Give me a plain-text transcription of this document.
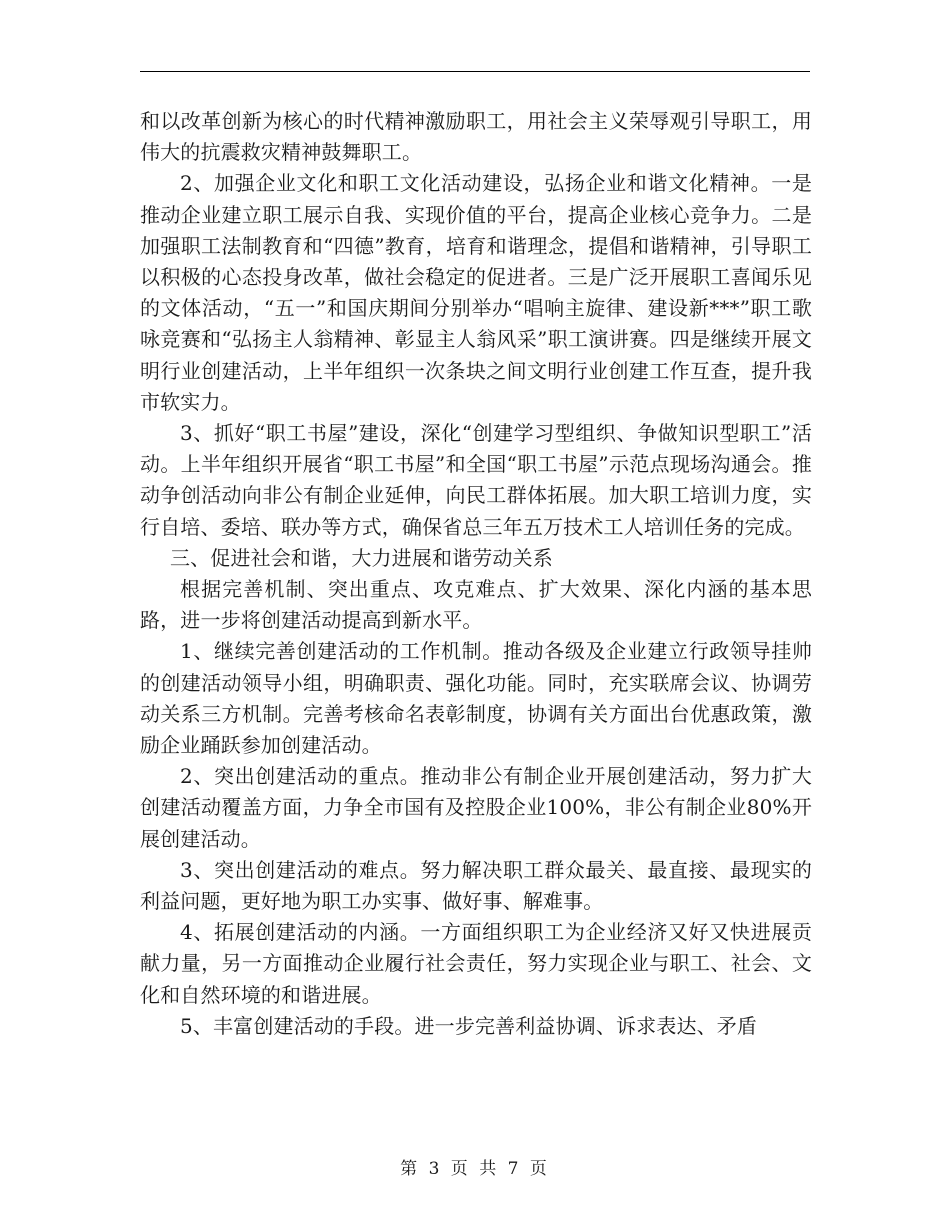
和以改革创新为核心的时代精神激励职工，用社会主义荣辱观引导职工，用伟大的抗震救灾精神鼓舞职工。

2、加强企业文化和职工文化活动建设，弘扬企业和谐文化精神。一是推动企业建立职工展示自我、实现价值的平台，提高企业核心竞争力。二是加强职工法制教育和“四德”教育，培育和谐理念，提倡和谐精神，引导职工以积极的心态投身改革，做社会稳定的促进者。三是广泛开展职工喜闻乐见的文体活动，“五一”和国庆期间分别举办“唱响主旋律、建设新***”职工歌咏竞赛和“弘扬主人翁精神、彰显主人翁风采”职工演讲赛。四是继续开展文明行业创建活动，上半年组织一次条块之间文明行业创建工作互查，提升我市软实力。

3、抓好“职工书屋”建设，深化“创建学习型组织、争做知识型职工”活动。上半年组织开展省“职工书屋”和全国“职工书屋”示范点现场沟通会。推动争创活动向非公有制企业延伸，向民工群体拓展。加大职工培训力度，实行自培、委培、联办等方式，确保省总三年五万技术工人培训任务的完成。

三、促进社会和谐，大力进展和谐劳动关系

根据完善机制、突出重点、攻克难点、扩大效果、深化内涵的基本思路，进一步将创建活动提高到新水平。

1、继续完善创建活动的工作机制。推动各级及企业建立行政领导挂帅的创建活动领导小组，明确职责、强化功能。同时，充实联席会议、协调劳动关系三方机制。完善考核命名表彰制度，协调有关方面出台优惠政策，激励企业踊跃参加创建活动。

2、突出创建活动的重点。推动非公有制企业开展创建活动，努力扩大创建活动覆盖方面，力争全市国有及控股企业100%，非公有制企业80%开展创建活动。

3、突出创建活动的难点。努力解决职工群众最关、最直接、最现实的利益问题，更好地为职工办实事、做好事、解难事。

4、拓展创建活动的内涵。一方面组织职工为企业经济又好又快进展贡献力量，另一方面推动企业履行社会责任，努力实现企业与职工、社会、文化和自然环境的和谐进展。

5、丰富创建活动的手段。进一步完善利益协调、诉求表达、矛盾

第 3 页 共 7 页
